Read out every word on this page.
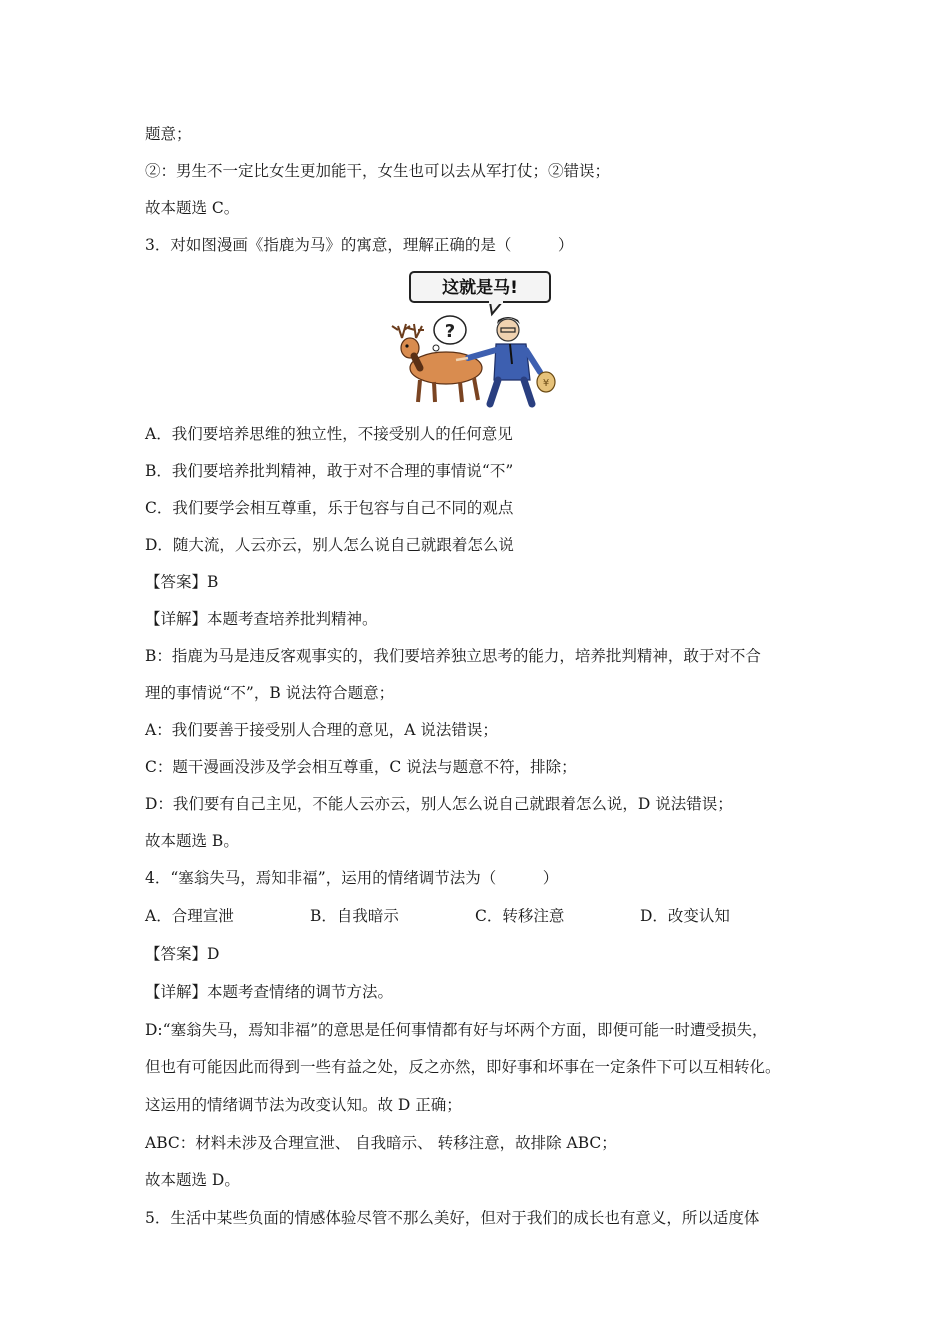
题意；
②：男生不一定比女生更加能干，女生也可以去从军打仗；②错误；
故本题选 C。
3．对如图漫画《指鹿为马》的寓意，理解正确的是（　　　）
这就是马!
?
¥
A．我们要培养思维的独立性，不接受别人的任何意见
B．我们要培养批判精神，敢于对不合理的事情说“不”
C．我们要学会相互尊重，乐于包容与自己不同的观点
D．随大流，人云亦云，别人怎么说自己就跟着怎么说
【答案】B
【详解】本题考查培养批判精神。
B：指鹿为马是违反客观事实的，我们要培养独立思考的能力，培养批判精神，敢于对不合
理的事情说“不”，B 说法符合题意；
A：我们要善于接受别人合理的意见，A 说法错误；
C：题干漫画没涉及学会相互尊重，C 说法与题意不符，排除；
D：我们要有自己主见，不能人云亦云，别人怎么说自己就跟着怎么说，D 说法错误；
故本题选 B。
4．“塞翁失马，焉知非福”，运用的情绪调节法为（　　　）
A．合理宣泄	B．自我暗示	C．转移注意	D．改变认知
【答案】D
【详解】本题考查情绪的调节方法。
D:“塞翁失马，焉知非福”的意思是任何事情都有好与坏两个方面，即便可能一时遭受损失，
但也有可能因此而得到一些有益之处，反之亦然，即好事和坏事在一定条件下可以互相转化。
这运用的情绪调节法为改变认知。故 D 正确；
ABC：材料未涉及合理宣泄、 自我暗示、 转移注意，故排除 ABC；
故本题选 D。
5．生活中某些负面的情感体验尽管不那么美好，但对于我们的成长也有意义，所以适度体
